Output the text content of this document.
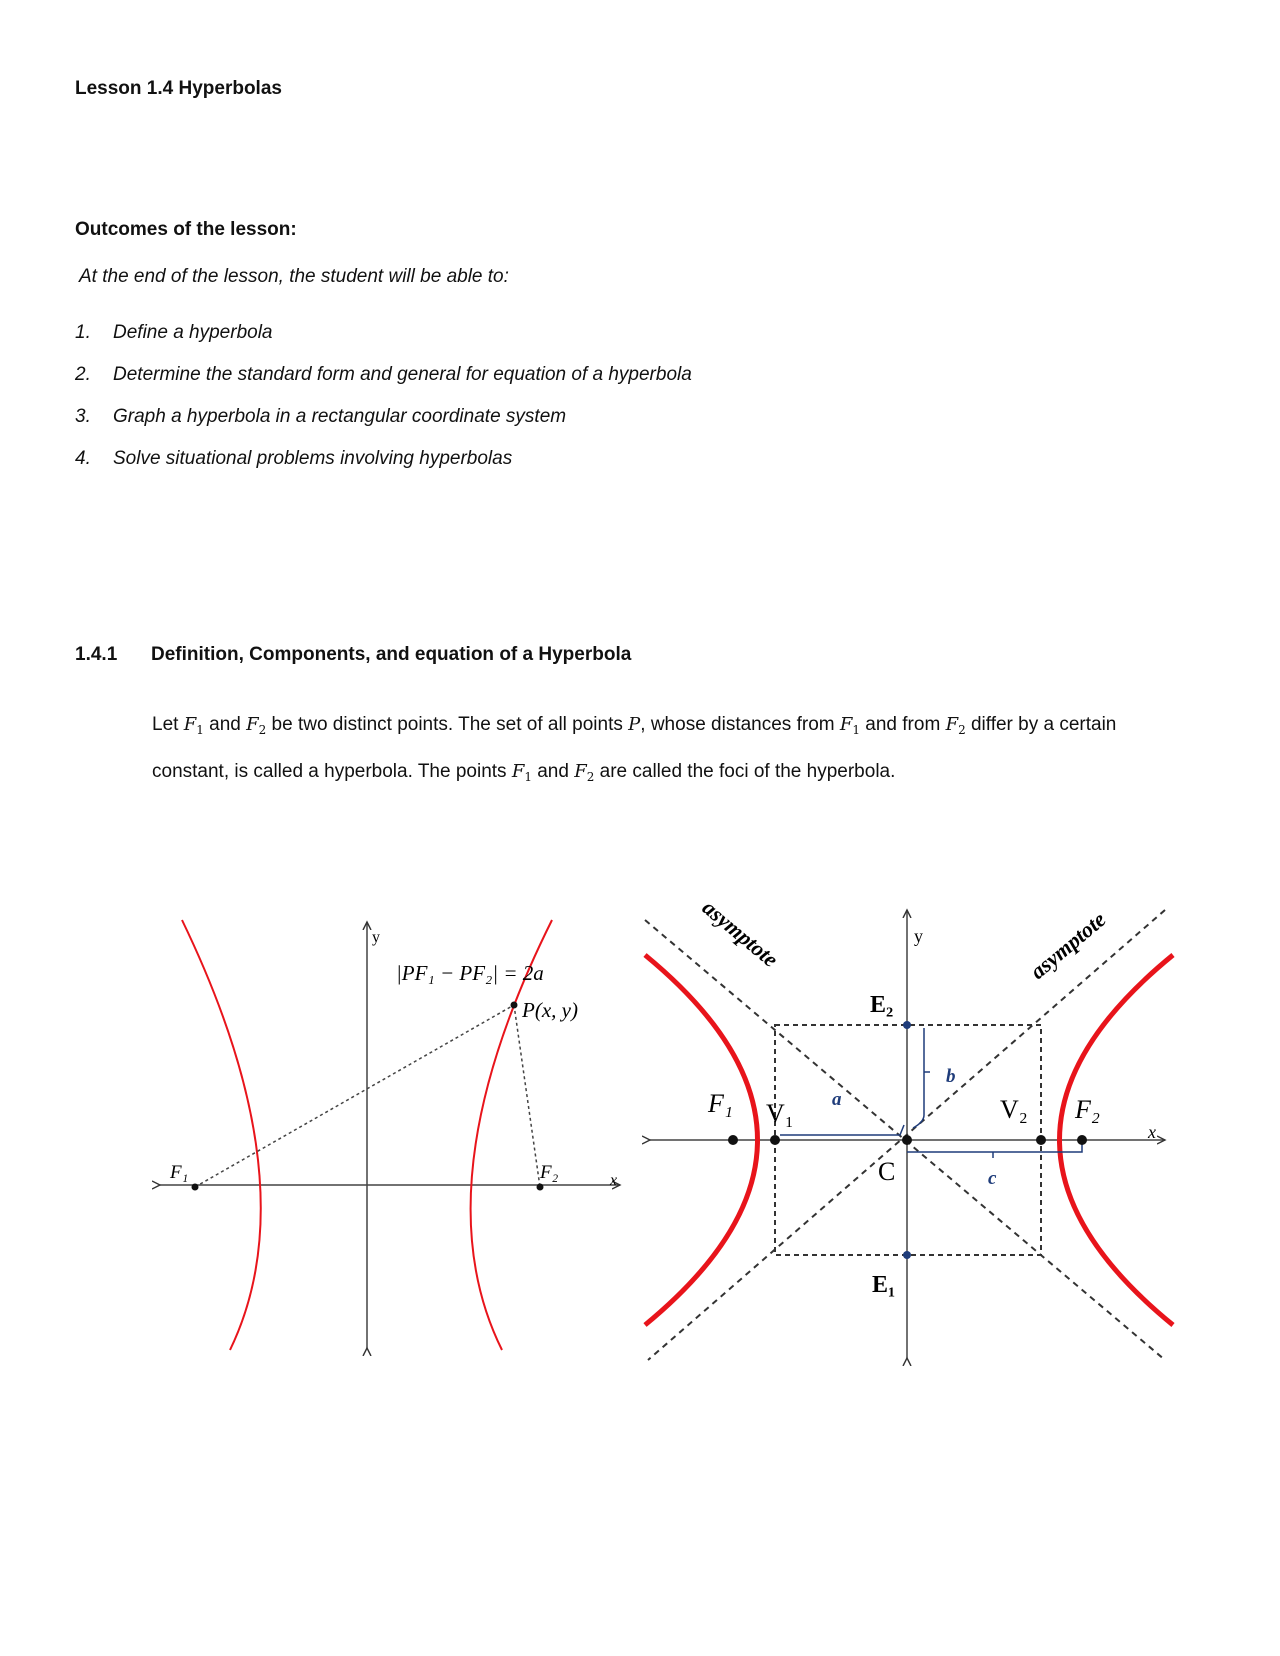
Lesson 1.4 Hyperbolas
Outcomes of the lesson:
At the end of the lesson, the student will be able to:
1. Define a hyperbola
2. Determine the standard form and general for equation of a hyperbola
3. Graph a hyperbola in a rectangular coordinate system
4. Solve situational problems involving hyperbolas
1.4.1 Definition, Components, and equation of a Hyperbola
Let $F_1$ and $F_2$ be two distinct points. The set of all points P, whose distances from $F_1$ and from $F_2$ differ by a certain constant, is called a hyperbola. The points $F_1$ and $F_2$ are called the foci of the hyperbola.
y
x
|PF₁ − PF₂| = 2a
P(x, y)
F₁	F₂
y
x
asymptote	asymptote
E₂
E₁
F₁ V₁	V₂ F₂
C
a
b
c
